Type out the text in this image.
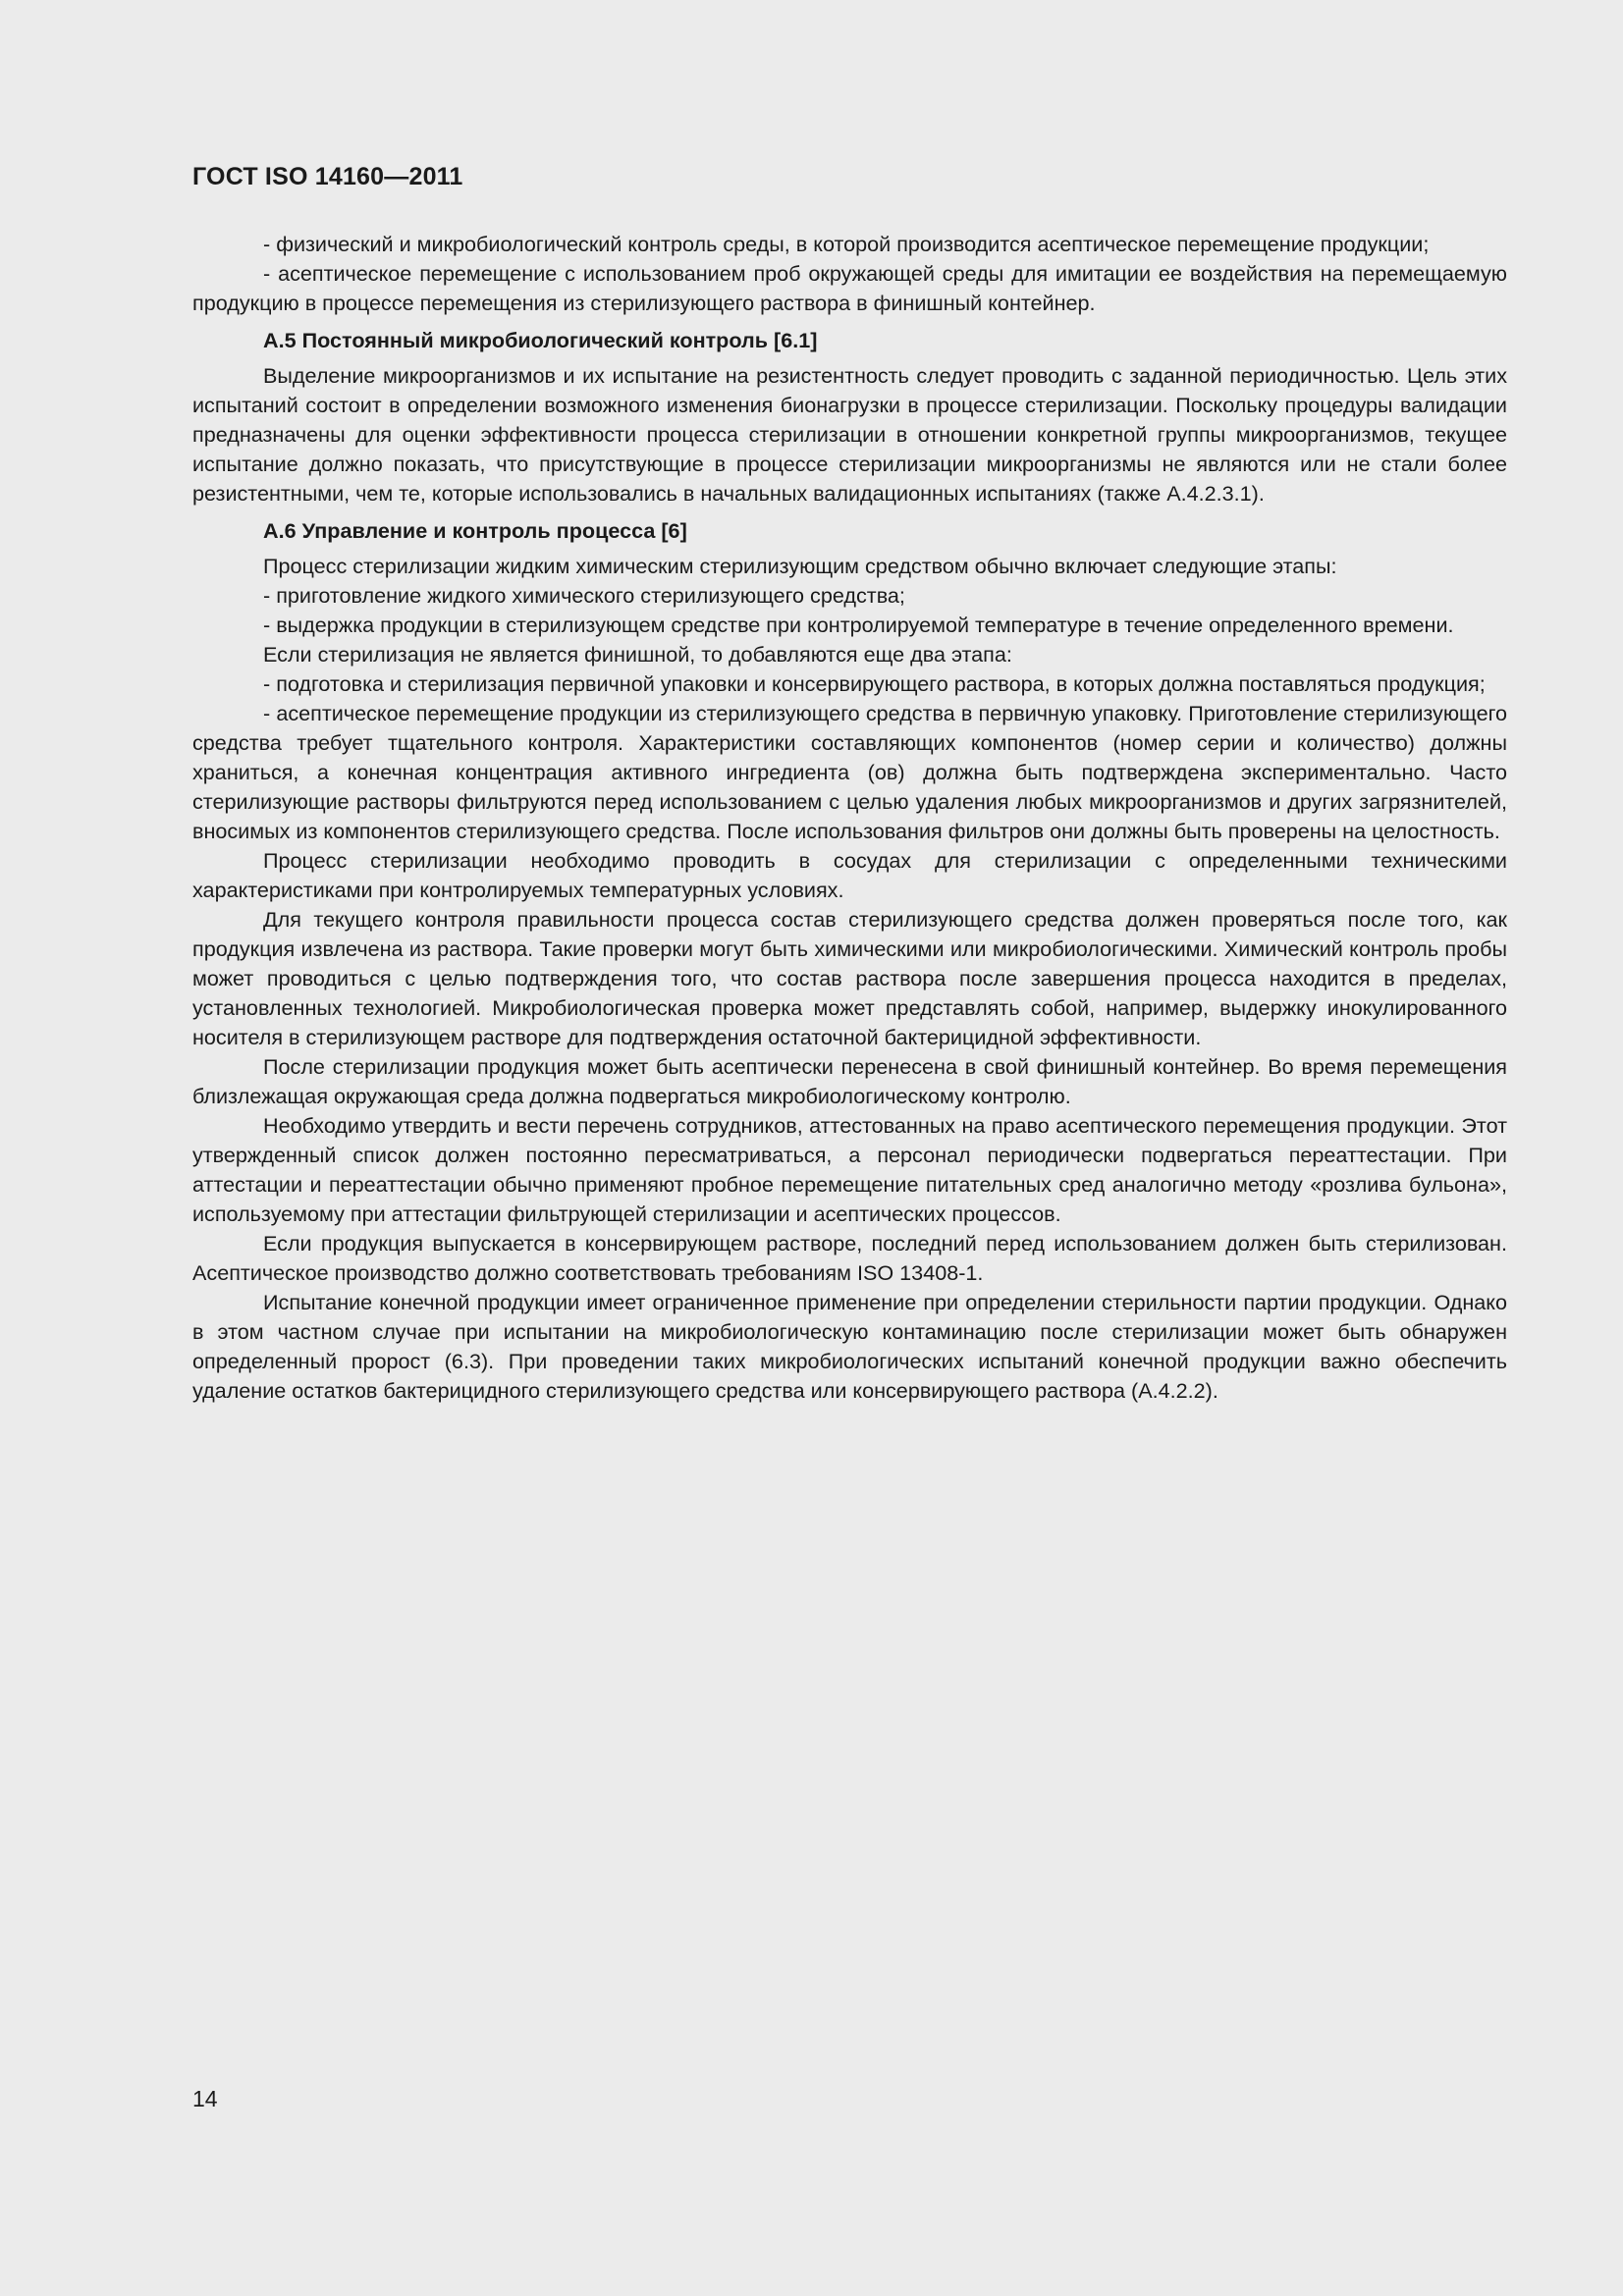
ГОСТ ISO 14160—2011

- физический и микробиологический контроль среды, в которой производится асептическое перемещение продукции;

- асептическое перемещение с использованием проб окружающей среды для имитации ее воздействия на перемещаемую продукцию в процессе перемещения из стерилизующего раствора в финишный контейнер.

A.5 Постоянный микробиологический контроль [6.1]

Выделение микроорганизмов и их испытание на резистентность следует проводить с заданной периодичностью. Цель этих испытаний состоит в определении возможного изменения бионагрузки в процессе стерилизации. Поскольку процедуры валидации предназначены для оценки эффективности процесса стерилизации в отношении конкретной группы микроорганизмов, текущее испытание должно показать, что присутствующие в процессе стерилизации микроорганизмы не являются или не стали более резистентными, чем те, которые использовались в начальных валидационных испытаниях (также А.4.2.3.1).

A.6 Управление и контроль процесса [6]

Процесс стерилизации жидким химическим стерилизующим средством обычно включает следующие этапы:

- приготовление жидкого химического стерилизующего средства;

- выдержка продукции в стерилизующем средстве при контролируемой температуре в течение определенного времени.

Если стерилизация не является финишной, то добавляются еще два этапа:

- подготовка и стерилизация первичной упаковки и консервирующего раствора, в которых должна поставляться продукция;

- асептическое перемещение продукции из стерилизующего средства в первичную упаковку. Приготовление стерилизующего средства требует тщательного контроля. Характеристики составляющих компонентов (номер серии и количество) должны храниться, а конечная концентрация активного ингредиента (ов) должна быть подтверждена экспериментально. Часто стерилизующие растворы фильтруются перед использованием с целью удаления любых микроорганизмов и других загрязнителей, вносимых из компонентов стерилизующего средства. После использования фильтров они должны быть проверены на целостность.

Процесс стерилизации необходимо проводить в сосудах для стерилизации с определенными техническими характеристиками при контролируемых температурных условиях.

Для текущего контроля правильности процесса состав стерилизующего средства должен проверяться после того, как продукция извлечена из раствора. Такие проверки могут быть химическими или микробиологическими. Химический контроль пробы может проводиться с целью подтверждения того, что состав раствора после завершения процесса находится в пределах, установленных технологией. Микробиологическая проверка может представлять собой, например, выдержку инокулированного носителя в стерилизующем растворе для подтверждения остаточной бактерицидной эффективности.

После стерилизации продукция может быть асептически перенесена в свой финишный контейнер. Во время перемещения близлежащая окружающая среда должна подвергаться микробиологическому контролю.

Необходимо утвердить и вести перечень сотрудников, аттестованных на право асептического перемещения продукции. Этот утвержденный список должен постоянно пересматриваться, а персонал периодически подвергаться переаттестации. При аттестации и переаттестации обычно применяют пробное перемещение питательных сред аналогично методу «розлива бульона», используемому при аттестации фильтрующей стерилизации и асептических процессов.

Если продукция выпускается в консервирующем растворе, последний перед использованием должен быть стерилизован. Асептическое производство должно соответствовать требованиям ISO 13408-1.

Испытание конечной продукции имеет ограниченное применение при определении стерильности партии продукции. Однако в этом частном случае при испытании на микробиологическую контаминацию после стерилизации может быть обнаружен определенный пророст (6.3). При проведении таких микробиологических испытаний конечной продукции важно обеспечить удаление остатков бактерицидного стерилизующего средства или консервирующего раствора (А.4.2.2).

14
